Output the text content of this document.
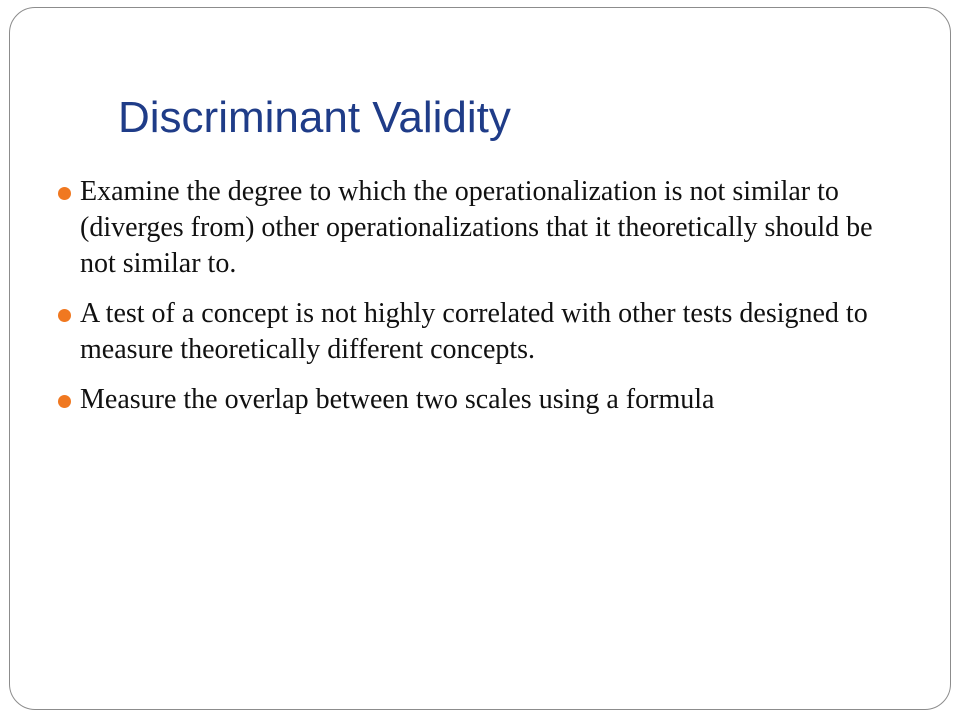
Discriminant Validity
Examine the degree to which the operationalization is not similar to (diverges from) other operationalizations that it theoretically should be not similar to.
A test of a concept is not highly correlated with other tests designed to measure theoretically different concepts.
Measure the overlap between two scales using a formula
